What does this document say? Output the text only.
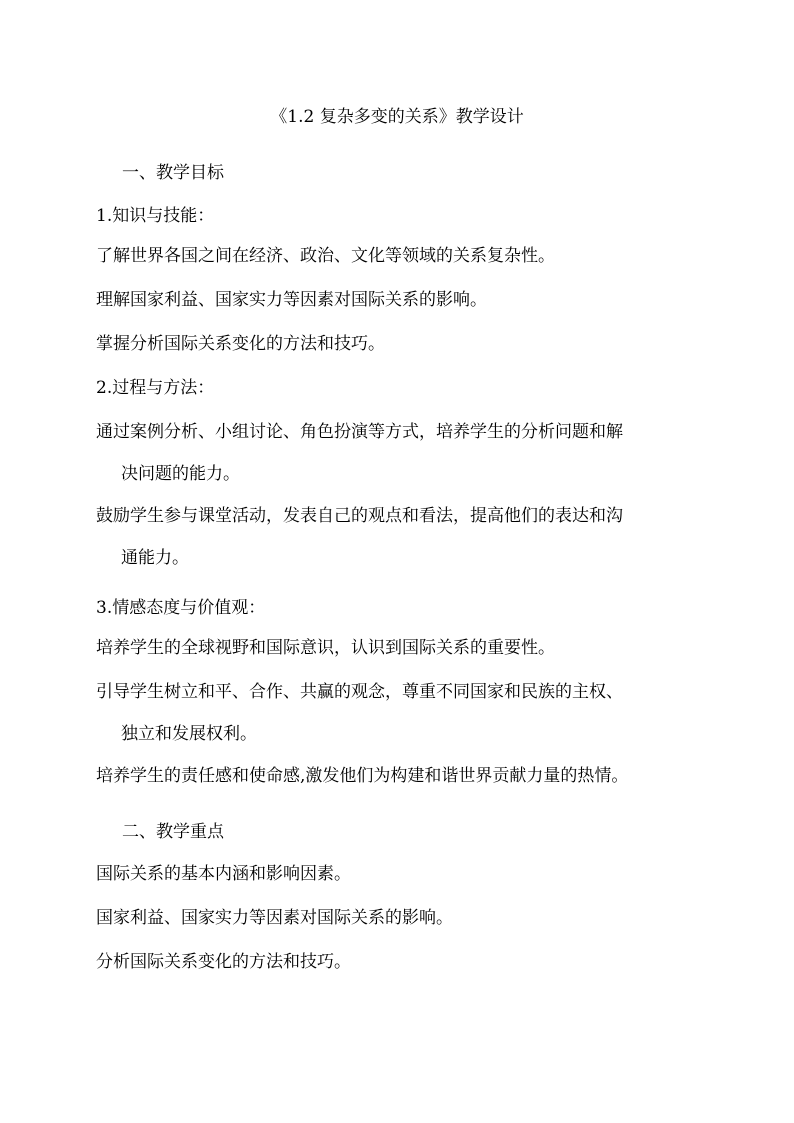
《1.2 复杂多变的关系》教学设计
一、教学目标
1.知识与技能：
了解世界各国之间在经济、政治、文化等领域的关系复杂性。
理解国家利益、国家实力等因素对国际关系的影响。
掌握分析国际关系变化的方法和技巧。
2.过程与方法：
通过案例分析、小组讨论、角色扮演等方式，培养学生的分析问题和解
决问题的能力。
鼓励学生参与课堂活动，发表自己的观点和看法，提高他们的表达和沟
通能力。
3.情感态度与价值观：
培养学生的全球视野和国际意识，认识到国际关系的重要性。
引导学生树立和平、合作、共赢的观念，尊重不同国家和民族的主权、
独立和发展权利。
培养学生的责任感和使命感,激发他们为构建和谐世界贡献力量的热情。
二、教学重点
国际关系的基本内涵和影响因素。
国家利益、国家实力等因素对国际关系的影响。
分析国际关系变化的方法和技巧。
